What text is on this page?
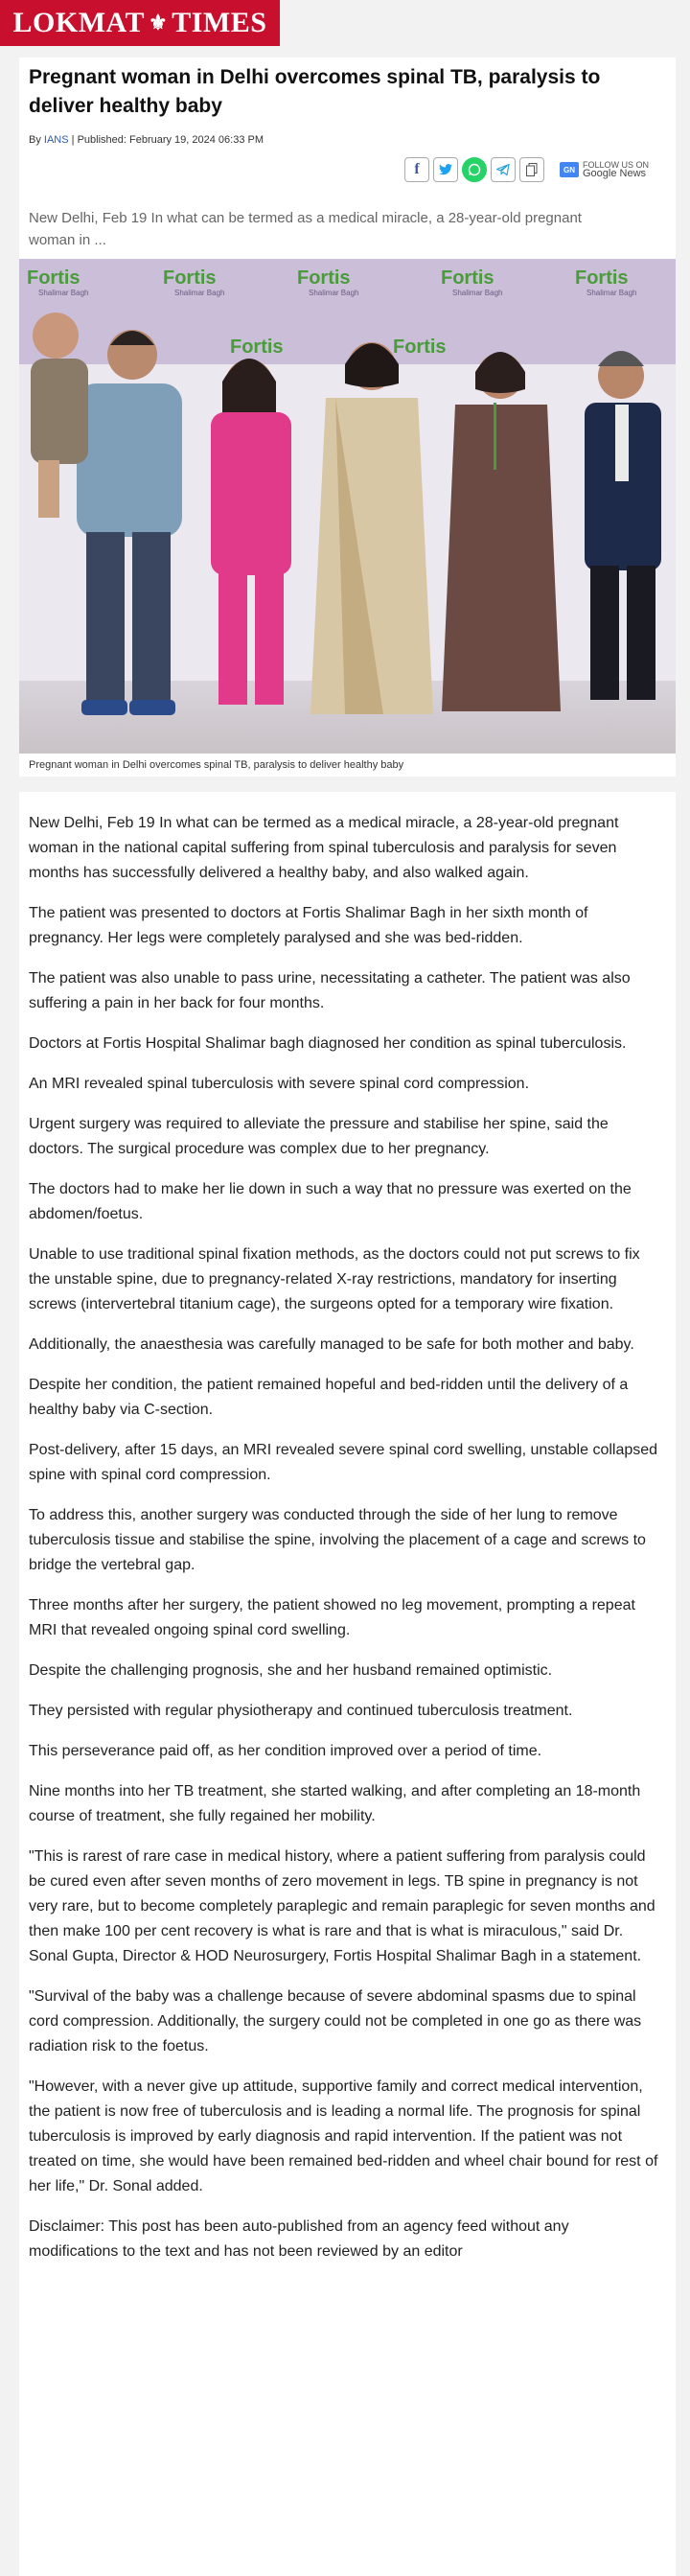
LOKMAT ⚜ TIMES
Pregnant woman in Delhi overcomes spinal TB, paralysis to deliver healthy baby
By IANS | Published: February 19, 2024 06:33 PM
f	GN FOLLOW US ON
Google News
New Delhi, Feb 19 In what can be termed as a medical miracle, a 28-year-old pregnant woman in ...
Fortis	Fortis	Fortis	Fortis	Fortis
Fortis	Fortis
Shalimar Bagh	Shalimar Bagh	Shalimar Bagh	Shalimar Bagh	Shalimar Bagh
Pregnant woman in Delhi overcomes spinal TB, paralysis to deliver healthy baby

New Delhi, Feb 19 In what can be termed as a medical miracle, a 28-year-old pregnant woman in the national capital suffering from spinal tuberculosis and paralysis for seven months has successfully delivered a healthy baby, and also walked again.

The patient was presented to doctors at Fortis Shalimar Bagh in her sixth month of pregnancy. Her legs were completely paralysed and she was bed-ridden.

The patient was also unable to pass urine, necessitating a catheter. The patient was also suffering a pain in her back for four months.

Doctors at Fortis Hospital Shalimar bagh diagnosed her condition as spinal tuberculosis.

An MRI revealed spinal tuberculosis with severe spinal cord compression.

Urgent surgery was required to alleviate the pressure and stabilise her spine, said the doctors. The surgical procedure was complex due to her pregnancy.

The doctors had to make her lie down in such a way that no pressure was exerted on the abdomen/foetus.

Unable to use traditional spinal fixation methods, as the doctors could not put screws to fix the unstable spine, due to pregnancy-related X-ray restrictions, mandatory for inserting screws (intervertebral titanium cage), the surgeons opted for a temporary wire fixation.

Additionally, the anaesthesia was carefully managed to be safe for both mother and baby.

Despite her condition, the patient remained hopeful and bed-ridden until the delivery of a healthy baby via C-section.

Post-delivery, after 15 days, an MRI revealed severe spinal cord swelling, unstable collapsed spine with spinal cord compression.

To address this, another surgery was conducted through the side of her lung to remove tuberculosis tissue and stabilise the spine, involving the placement of a cage and screws to bridge the vertebral gap.

Three months after her surgery, the patient showed no leg movement, prompting a repeat MRI that revealed ongoing spinal cord swelling.

Despite the challenging prognosis, she and her husband remained optimistic.

They persisted with regular physiotherapy and continued tuberculosis treatment.

This perseverance paid off, as her condition improved over a period of time.

Nine months into her TB treatment, she started walking, and after completing an 18-month course of treatment, she fully regained her mobility.

"This is rarest of rare case in medical history, where a patient suffering from paralysis could be cured even after seven months of zero movement in legs. TB spine in pregnancy is not very rare, but to become completely paraplegic and remain paraplegic for seven months and then make 100 per cent recovery is what is rare and that is what is miraculous," said Dr. Sonal Gupta, Director & HOD Neurosurgery, Fortis Hospital Shalimar Bagh in a statement.

"Survival of the baby was a challenge because of severe abdominal spasms due to spinal cord compression. Additionally, the surgery could not be completed in one go as there was radiation risk to the foetus.

"However, with a never give up attitude, supportive family and correct medical intervention, the patient is now free of tuberculosis and is leading a normal life. The prognosis for spinal tuberculosis is improved by early diagnosis and rapid intervention. If the patient was not treated on time, she would have been remained bed-ridden and wheel chair bound for rest of her life," Dr. Sonal added.

Disclaimer: This post has been auto-published from an agency feed without any modifications to the text and has not been reviewed by an editor
